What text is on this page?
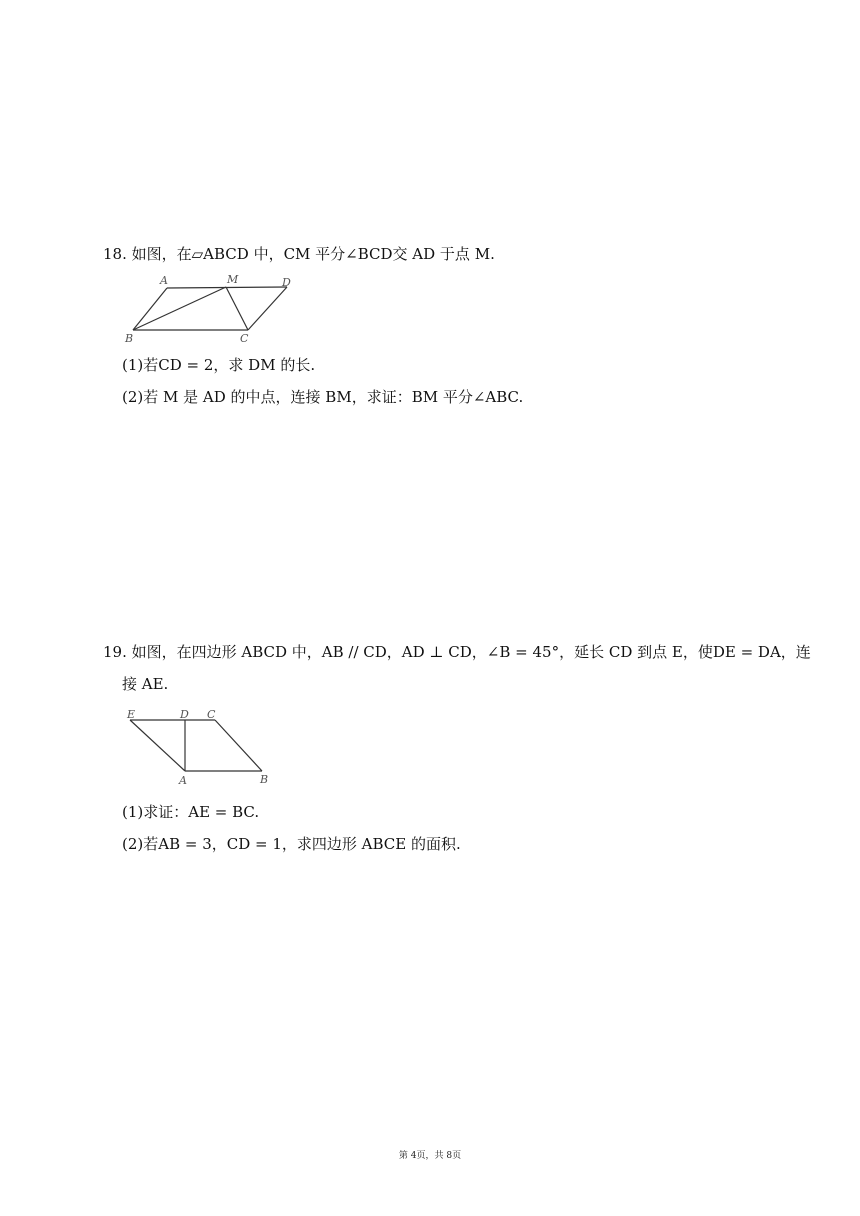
18. 如图，在▱ABCD 中，CM 平分∠BCD交 AD 于点 M.
A	M	D
B	C
(1)若CD = 2，求 DM 的长.
(2)若 M 是 AD 的中点，连接 BM，求证：BM 平分∠ABC.
19. 如图，在四边形 ABCD 中，AB // CD，AD ⊥ CD，∠B = 45°，延长 CD 到点 E，使DE = DA，连
接 AE.
E	D C
A	B
(1)求证：AE = BC.
(2)若AB = 3，CD = 1，求四边形 ABCE 的面积.
第 4页，共 8页
